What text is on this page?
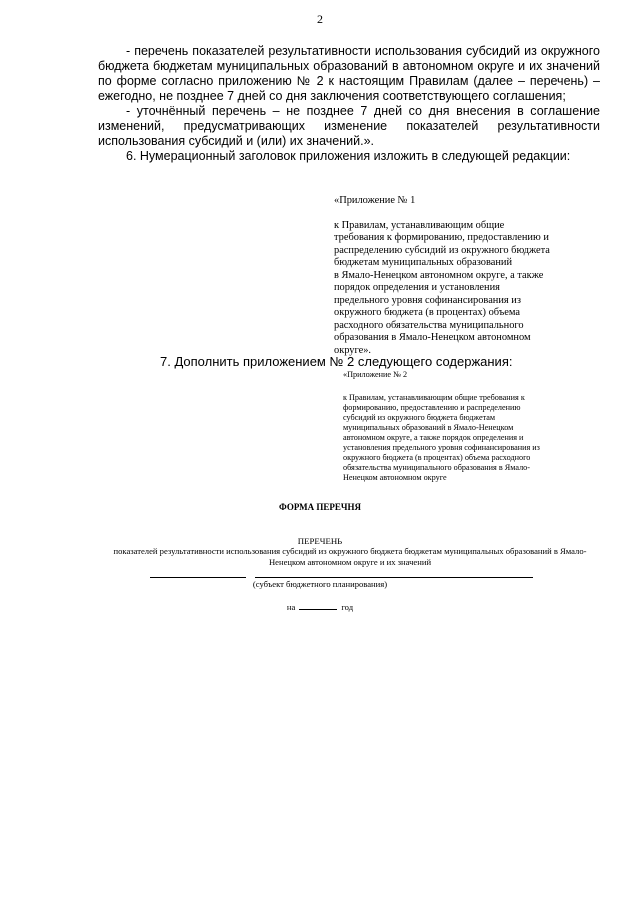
2

- перечень показателей результативности использования субсидий из окружного бюджета бюджетам муниципальных образований в автономном округе и их значений по форме согласно приложению № 2 к настоящим Правилам (далее – перечень) – ежегодно, не позднее 7 дней со дня заключения соответствующего соглашения;

- уточнённый перечень – не позднее 7 дней со дня внесения в соглашение изменений, предусматривающих изменение показателей результативности использования субсидий и (или) их значений.».

6. Нумерационный заголовок приложения изложить в следующей редакции:

«Приложение № 1
к Правилам, устанавливающим общие
требования к формированию, предоставлению и
распределению субсидий из окружного бюджета
бюджетам муниципальных образований
в Ямало-Ненецком автономном округе, а также
порядок определения и установления
предельного уровня софинансирования из
окружного бюджета (в процентах) объема
расходного обязательства муниципального
образования в Ямало-Ненецком автономном
округе».
7. Дополнить приложением № 2 следующего содержания:
«Приложение № 2
к Правилам, устанавливающим общие требования к
формированию, предоставлению и распределению
субсидий из окружного бюджета бюджетам
муниципальных образований в Ямало-Ненецком
автономном округе, а также порядок определения и
установления предельного уровня софинансирования из
окружного бюджета (в процентах) объема расходного
обязательства муниципального образования в Ямало-
Ненецком автономном округе
ФОРМА ПЕРЕЧНЯ
ПЕРЕЧЕНЬ
показателей результативности использования субсидий из окружного бюджета бюджетам муниципальных образований в Ямало-Ненецком автономном округе и их значений
(субъект бюджетного планирования)
на	год
